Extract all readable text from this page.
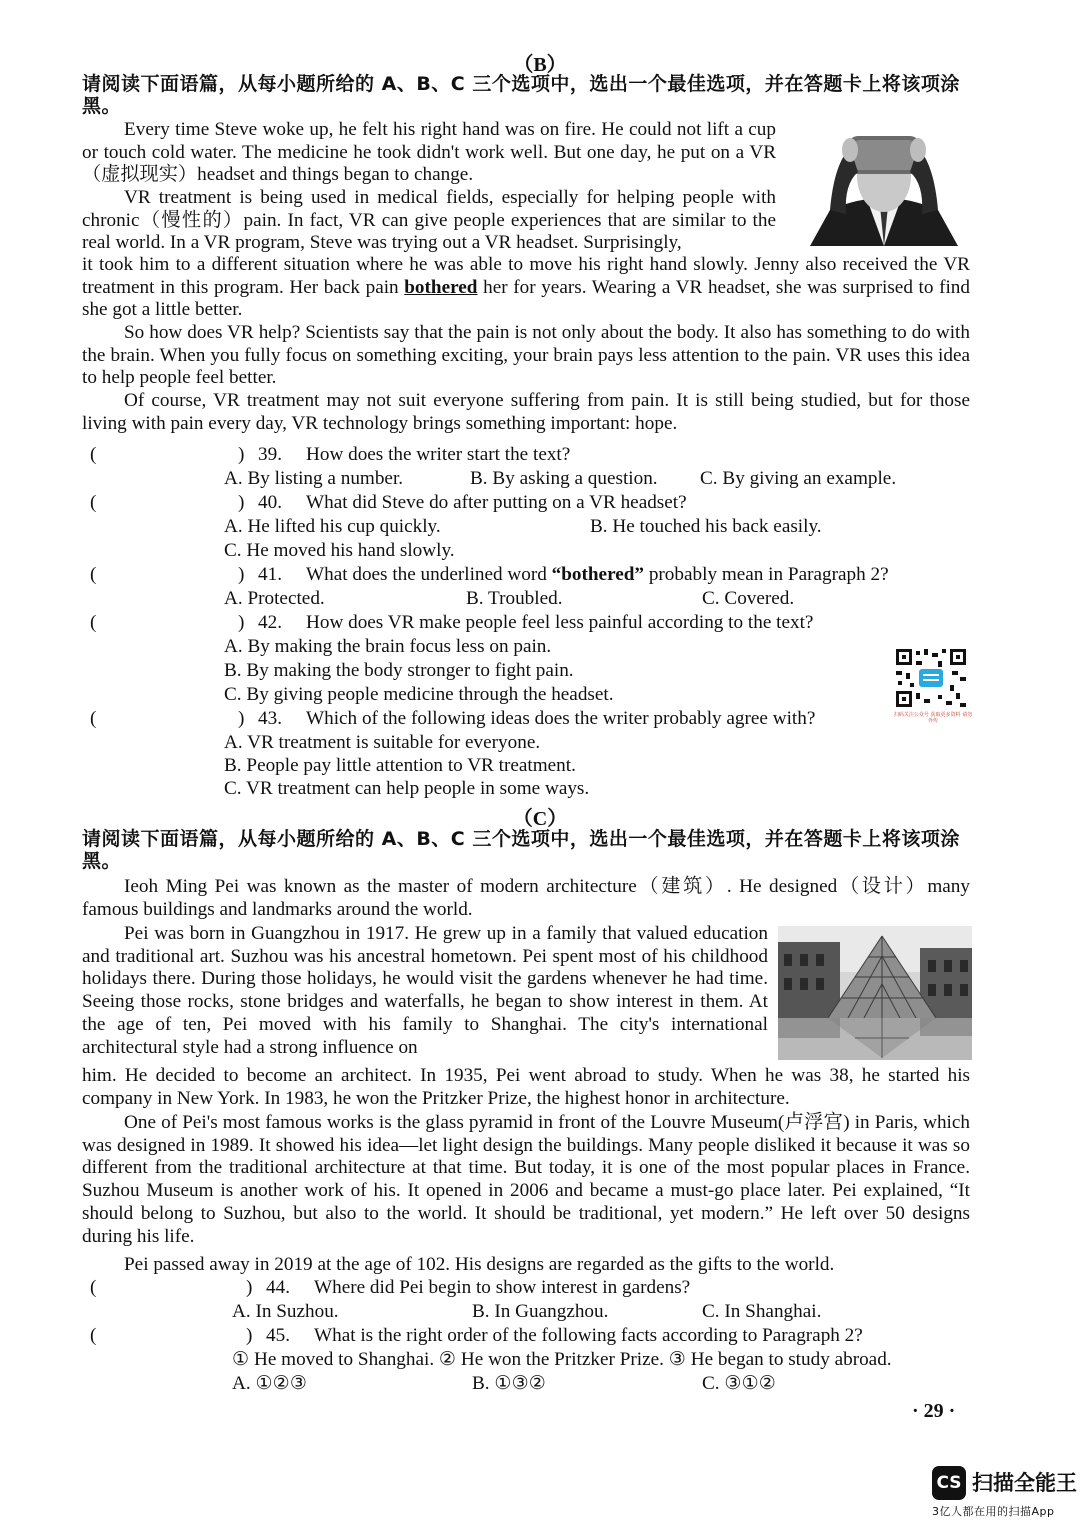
（B）
请阅读下面语篇，从每小题所给的 A、B、C 三个选项中，选出一个最佳选项，并在答题卡上将该项涂黑。
Every time Steve woke up, he felt his right hand was on fire. He could not lift a cup or touch cold water. The medicine he took didn't work well. But one day, he put on a VR（虚拟现实）headset and things began to change.
VR treatment is being used in medical fields, especially for helping people with chronic（慢性的）pain. In fact, VR can give people experiences that are similar to the real world. In a VR program, Steve was trying out a VR headset. Surprisingly,
it took him to a different situation where he was able to move his right hand slowly. Jenny also received the VR treatment in this program. Her back pain bothered her for years. Wearing a VR headset, she was surprised to find she got a little better.
So how does VR help? Scientists say that the pain is not only about the body. It also has something to do with the brain. When you fully focus on something exciting, your brain pays less attention to the pain. VR uses this idea to help people feel better.
Of course, VR treatment may not suit everyone suffering from pain. It is still being studied, but for those living with pain every day, VR technology brings something important: hope.
(	) 39. How does the writer start the text?
A. By listing a number.	B. By asking a question. C. By giving an example.
(	) 40. What did Steve do after putting on a VR headset?
A. He lifted his cup quickly.	B. He touched his back easily.
C. He moved his hand slowly.
(	) 41. What does the underlined word “bothered” probably mean in Paragraph 2?
A. Protected.	B. Troubled.	C. Covered.
(	) 42. How does VR make people feel less painful according to the text?
A. By making the brain focus less on pain.
B. By making the body stronger to fight pain.
C. By giving people medicine through the headset.
(	) 43. Which of the following ideas does the writer probably agree with?
A. VR treatment is suitable for everyone.
B. People pay little attention to VR treatment.
C. VR treatment can help people in some ways.
扫码关注公众号 获取更多资料 请勿外传
（C）
请阅读下面语篇，从每小题所给的 A、B、C 三个选项中，选出一个最佳选项，并在答题卡上将该项涂黑。
Ieoh Ming Pei was known as the master of modern architecture（建筑）. He designed（设计）many famous buildings and landmarks around the world.
Pei was born in Guangzhou in 1917. He grew up in a family that valued education and traditional art. Suzhou was his ancestral hometown. Pei spent most of his childhood holidays there. During those holidays, he would visit the gardens whenever he had time. Seeing those rocks, stone bridges and waterfalls, he began to show interest in them. At the age of ten, Pei moved with his family to Shanghai. The city's international architectural style had a strong influence on
him. He decided to become an architect. In 1935, Pei went abroad to study. When he was 38, he started his company in New York. In 1983, he won the Pritzker Prize, the highest honor in architecture.
One of Pei's most famous works is the glass pyramid in front of the Louvre Museum(卢浮宫) in Paris, which was designed in 1989. It showed his idea—let light design the buildings. Many people disliked it because it was so different from the traditional architecture at that time. But today, it is one of the most popular places in France. Suzhou Museum is another work of his. It opened in 2006 and became a must-go place later. Pei explained, “It should belong to Suzhou, but also to the world. It should be traditional, yet modern.” He left over 50 designs during his life.
Pei passed away in 2019 at the age of 102. His designs are regarded as the gifts to the world.
(	) 44. Where did Pei begin to show interest in gardens?
A. In Suzhou.	B. In Guangzhou.	C. In Shanghai.
(	) 45. What is the right order of the following facts according to Paragraph 2?
① He moved to Shanghai. ② He won the Pritzker Prize. ③ He began to study abroad.
A. ①②③	B. ①③②	C. ③①②
· 29 ·
CS 扫描全能王
3亿人都在用的扫描App
